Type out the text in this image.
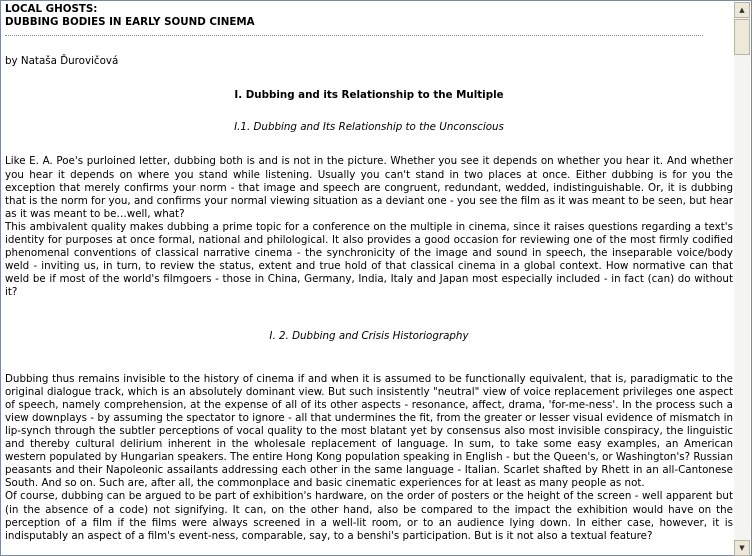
LOCAL GHOSTS:
DUBBING BODIES IN EARLY SOUND CINEMA
by Nataša Ďurovičová
I. Dubbing and its Relationship to the Multiple
I.1. Dubbing and Its Relationship to the Unconscious

Like E. A. Poe's purloined letter, dubbing both is and is not in the picture. Whether you see it depends on whether you hear it. And whether you hear it depends on where you stand while listening. Usually you can't stand in two places at once. Either dubbing is for you the exception that merely confirms your norm - that image and speech are congruent, redundant, wedded, indistinguishable. Or, it is dubbing that is the norm for you, and confirms your normal viewing situation as a deviant one - you see the film as it was meant to be seen, but hear as it was meant to be…well, what?

This ambivalent quality makes dubbing a prime topic for a conference on the multiple in cinema, since it raises questions regarding a text's identity for purposes at once formal, national and philological. It also provides a good occasion for reviewing one of the most firmly codified phenomenal conventions of classical narrative cinema - the synchronicity of the image and sound in speech, the inseparable voice/body weld - inviting us, in turn, to review the status, extent and true hold of that classical cinema in a global context. How normative can that weld be if most of the world's filmgoers - those in China, Germany, India, Italy and Japan most especially included - in fact (can) do without it?

I. 2. Dubbing and Crisis Historiography

Dubbing thus remains invisible to the history of cinema if and when it is assumed to be functionally equivalent, that is, paradigmatic to the original dialogue track, which is an absolutely dominant view. But such insistently "neutral" view of voice replacement privileges one aspect of speech, namely comprehension, at the expense of all of its other aspects - resonance, affect, drama, 'for-me-ness'. In the process such a view downplays - by assuming the spectator to ignore - all that undermines the fit, from the greater or lesser visual evidence of mismatch in lip-synch through the subtler perceptions of vocal quality to the most blatant yet by consensus also most invisible conspiracy, the linguistic and thereby cultural delirium inherent in the wholesale replacement of language. In sum, to take some easy examples, an American western populated by Hungarian speakers. The entire Hong Kong population speaking in English - but the Queen's, or Washington's? Russian peasants and their Napoleonic assailants addressing each other in the same language - Italian. Scarlet shafted by Rhett in an all-Cantonese South. And so on. Such are, after all, the commonplace and basic cinematic experiences for at least as many people as not.

Of course, dubbing can be argued to be part of exhibition's hardware, on the order of posters or the height of the screen - well apparent but (in the absence of a code) not signifying. It can, on the other hand, also be compared to the impact the exhibition would have on the perception of a film if the films were always screened in a well-lit room, or to an audience lying down. In either case, however, it is indisputably an aspect of a film's event-ness, comparable, say, to a benshi's participation. But is it not also a textual feature?

▲
▼
